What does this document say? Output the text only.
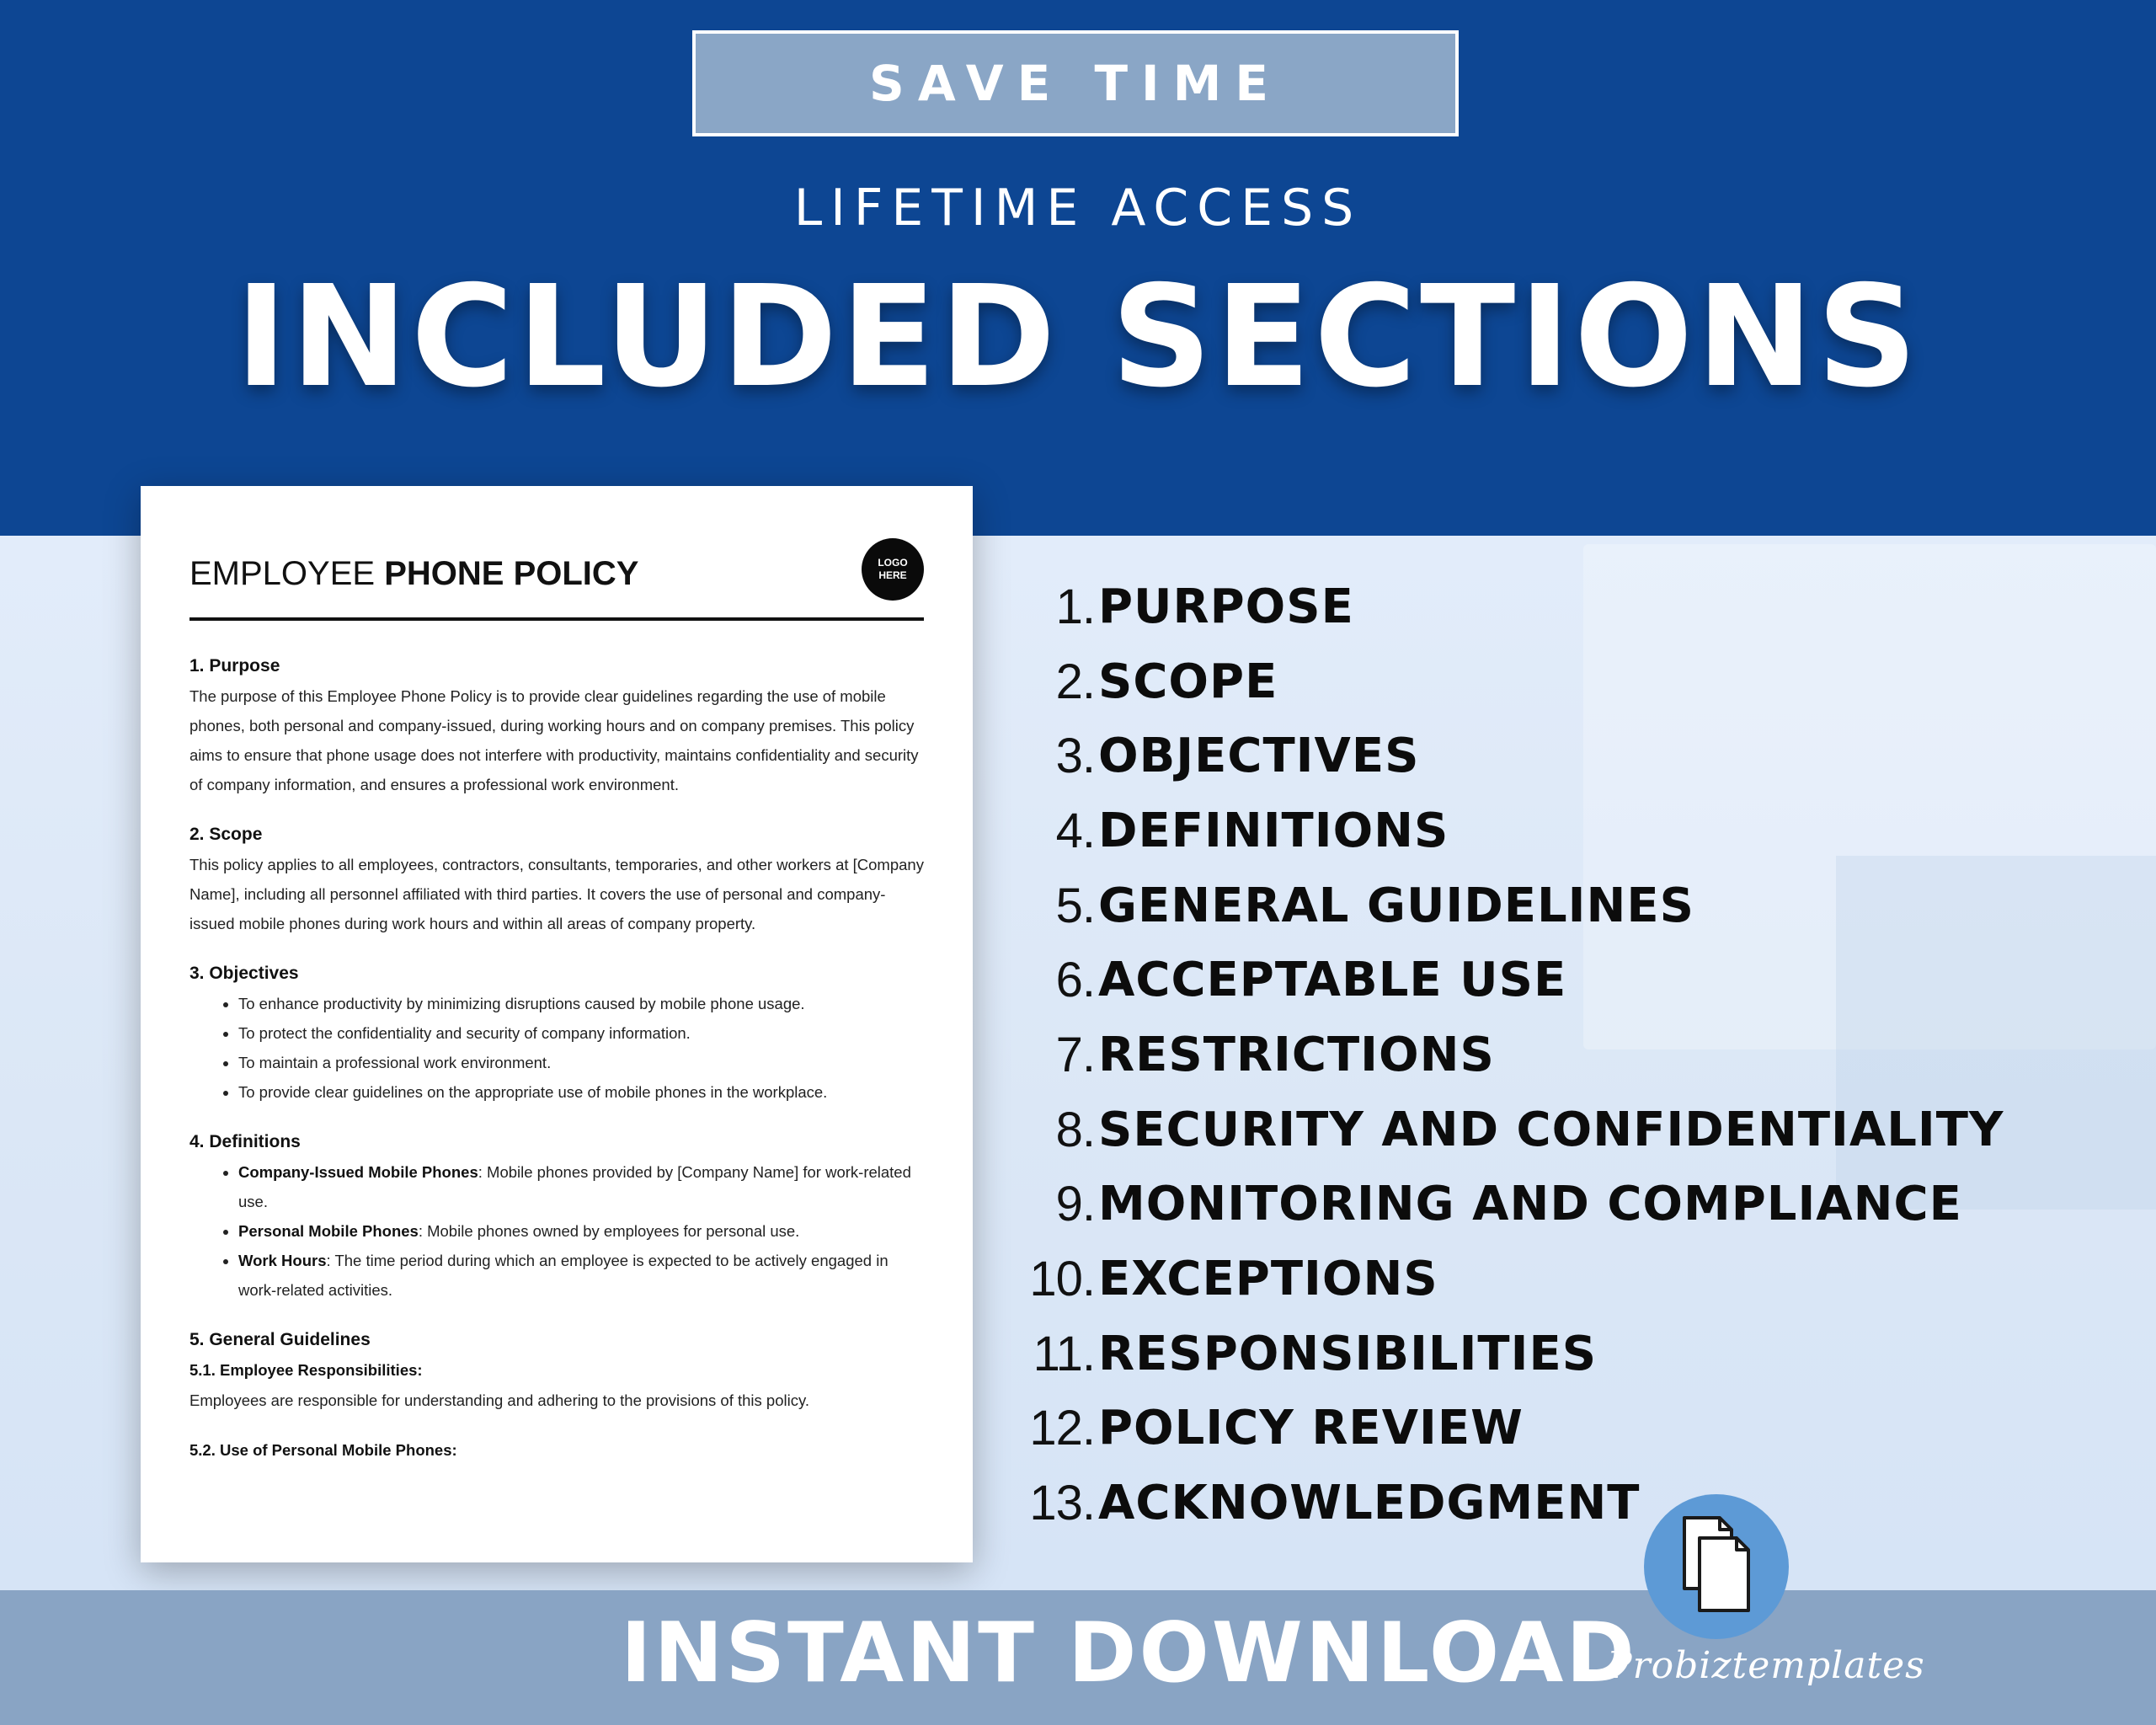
SAVE TIME
LIFETIME ACCESS
INCLUDED SECTIONS
EMPLOYEE PHONE POLICY	LOGO
HERE
1. Purpose

The purpose of this Employee Phone Policy is to provide clear guidelines regarding the use of mobile phones, both personal and company-issued, during working hours and on company premises. This policy aims to ensure that phone usage does not interfere with productivity, maintains confidentiality and security of company information, and ensures a professional work environment.

2. Scope

This policy applies to all employees, contractors, consultants, temporaries, and other workers at [Company Name], including all personnel affiliated with third parties. It covers the use of personal and company-issued mobile phones during work hours and within all areas of company property.

3. Objectives
• To enhance productivity by minimizing disruptions caused by mobile phone usage.
• To protect the confidentiality and security of company information.
• To maintain a professional work environment.
• To provide clear guidelines on the appropriate use of mobile phones in the workplace.
4. Definitions
• Company-Issued Mobile Phones: Mobile phones provided by [Company Name] for work-related use.
• Personal Mobile Phones: Mobile phones owned by employees for personal use.
• Work Hours: The time period during which an employee is expected to be actively engaged in work-related activities.
5. General Guidelines
5.1. Employee Responsibilities:

Employees are responsible for understanding and adhering to the provisions of this policy.

5.2. Use of Personal Mobile Phones:
1. PURPOSE
2. SCOPE
3. OBJECTIVES
4. DEFINITIONS
5. GENERAL GUIDELINES
6. ACCEPTABLE USE
7. RESTRICTIONS
8. SECURITY AND CONFIDENTIALITY
9. MONITORING AND COMPLIANCE
10. EXCEPTIONS
11. RESPONSIBILITIES
12. POLICY REVIEW
13. ACKNOWLEDGMENT
INSTANT DOWNLOAD
Probiztemplates
